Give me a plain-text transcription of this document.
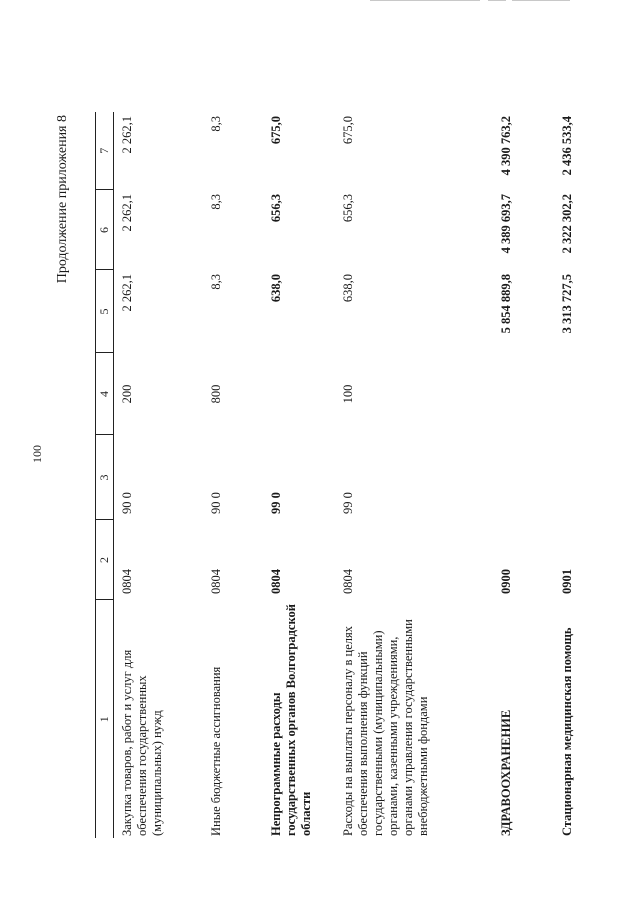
100
Продолжение приложения 8
1	2	3	4	5	6	7
Закупка товаров, работ и услуг для обеспечения государственных (муниципальных) нужд	0804	90 0	200	2 262,1	2 262,1	2 262,1
Иные бюджетные ассигнования	0804	90 0	800	8,3	8,3	8,3
Непрограммные расходы государственных органов Волгоградской области	0804	99 0		638,0	656,3	675,0
Расходы на выплаты персоналу в целях обеспечения выполнения функций государственными (муниципальными) органами, казенными учреждениями, органами управления государственными внебюджетными фондами	0804	99 0	100	638,0	656,3	675,0
ЗДРАВООХРАНЕНИЕ	0900			5 854 889,8	4 389 693,7	4 390 763,2
Стационарная медицинская помощь	0901			3 313 727,5	2 322 302,2	2 436 533,4
